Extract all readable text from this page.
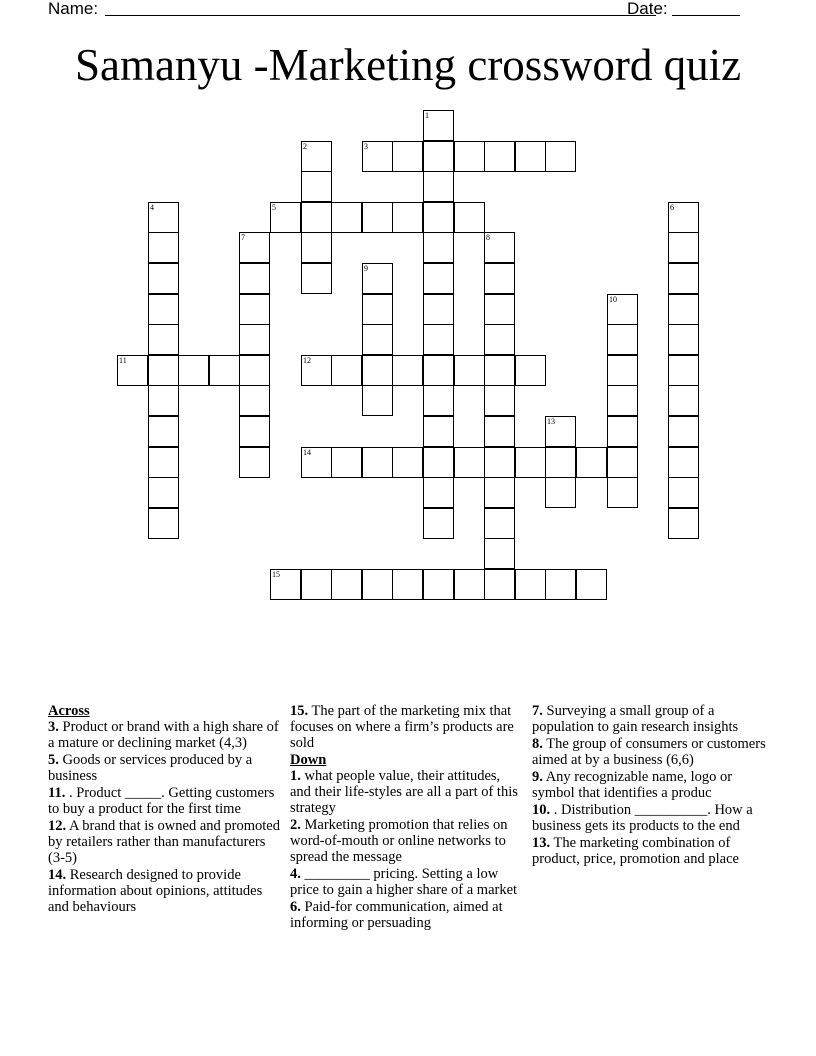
Name:	Date:
Samanyu -Marketing crossword quiz
3
5
11	12
14
15
1
2
4	6
7	8
9
10
13

Across

3. Product or brand with a high share of a mature or declining market (4,3)

5. Goods or services produced by a business

11. . Product _____. Getting customers to buy a product for the first time

12. A brand that is owned and promoted by retailers rather than manufacturers (3-5)

14. Research designed to provide information about opinions, attitudes and behaviours

15. The part of the marketing mix that focuses on where a firm’s products are sold

Down

1. what people value, their attitudes, and their life-styles are all a part of this strategy

2. Marketing promotion that relies on word-of-mouth or online networks to spread the message

4. _________ pricing. Setting a low price to gain a higher share of a market

6. Paid-for communication, aimed at informing or persuading

7. Surveying a small group of a population to gain research insights

8. The group of consumers or customers aimed at by a business (6,6)

9. Any recognizable name, logo or symbol that identifies a produc

10. . Distribution __________. How a business gets its products to the end

13. The marketing combination of product, price, promotion and place
